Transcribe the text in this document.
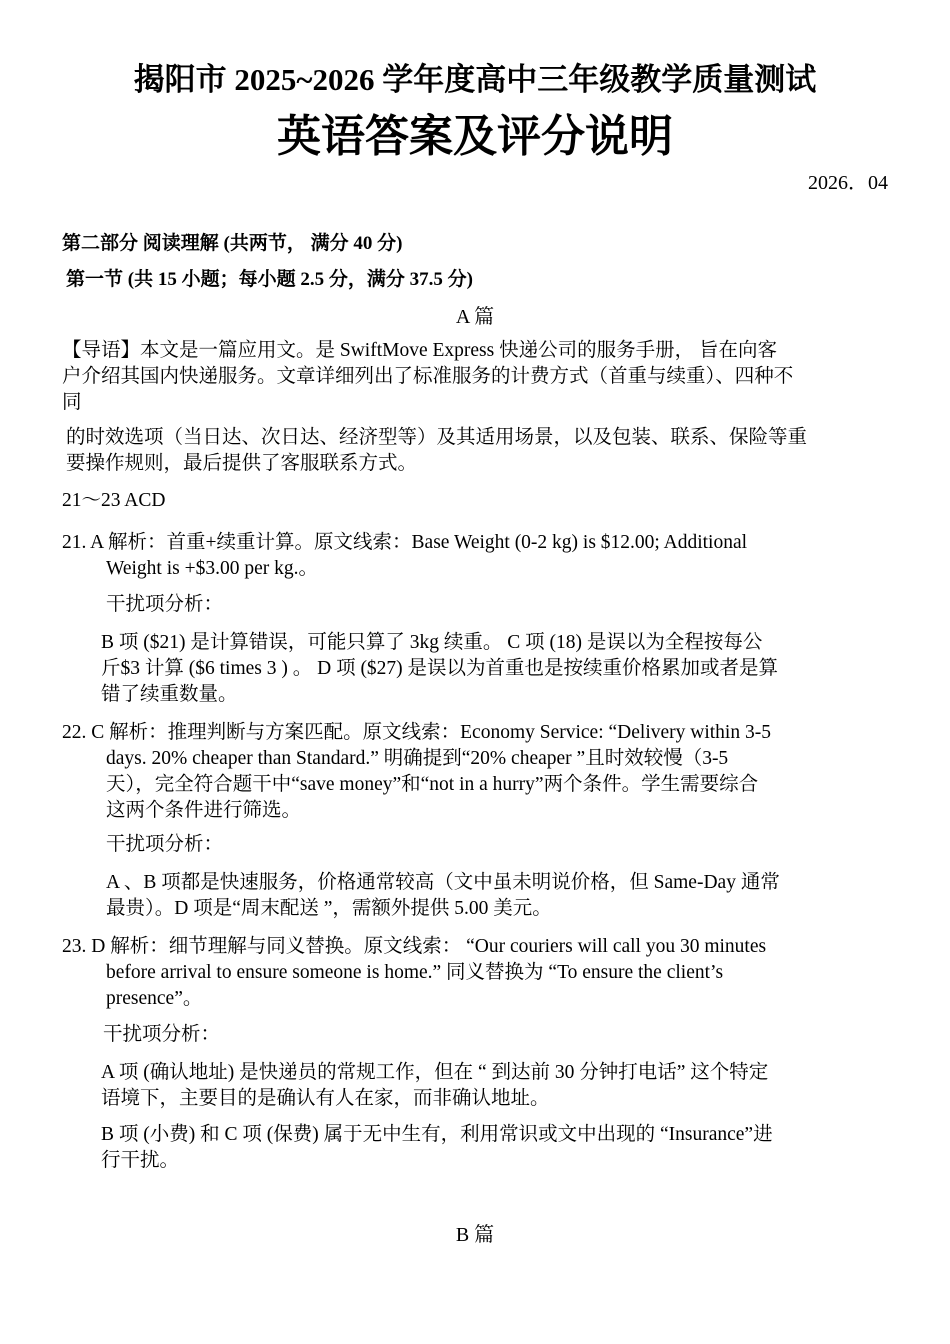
揭阳市 2025~2026 学年度高中三年级教学质量测试
英语答案及评分说明
2026．04
第二部分 阅读理解 (共两节， 满分 40 分)
第一节 (共 15 小题；每小题 2.5 分，满分 37.5 分)
A 篇
【导语】本文是一篇应用文。是 SwiftMove Express 快递公司的服务手册， 旨在向客
户介绍其国内快递服务。文章详细列出了标准服务的计费方式（首重与续重）、四种不
同
的时效选项（当日达、次日达、经济型等）及其适用场景，以及包装、联系、保险等重
要操作规则，最后提供了客服联系方式。
21～23 ACD
21. A 解析：首重+续重计算。原文线索：Base Weight (0-2 kg) is $12.00; Additional
Weight is +$3.00 per kg.。
干扰项分析：
B 项 ($21) 是计算错误，可能只算了 3kg 续重。 C 项 (18) 是误以为全程按每公
斤$3 计算 ($6 times 3 ) 。 D 项 ($27) 是误以为首重也是按续重价格累加或者是算
错了续重数量。
22. C 解析：推理判断与方案匹配。原文线索：Economy Service: “Delivery within 3-5
days. 20% cheaper than Standard.” 明确提到“20% cheaper ”且时效较慢（3-5
天），完全符合题干中“save money”和“not in a hurry”两个条件。学生需要综合
这两个条件进行筛选。
干扰项分析：
A 、B 项都是快速服务，价格通常较高（文中虽未明说价格，但 Same-Day 通常
最贵）。D 项是“周末配送 ”，需额外提供 5.00 美元。
23. D 解析：细节理解与同义替换。原文线索： “Our couriers will call you 30 minutes
before arrival to ensure someone is home.” 同义替换为 “To ensure the client’s
presence”。
干扰项分析：
A 项 (确认地址) 是快递员的常规工作，但在 “ 到达前 30 分钟打电话” 这个特定
语境下，主要目的是确认有人在家，而非确认地址。
B 项 (小费) 和 C 项 (保费) 属于无中生有，利用常识或文中出现的 “Insurance”进
行干扰。
B 篇
